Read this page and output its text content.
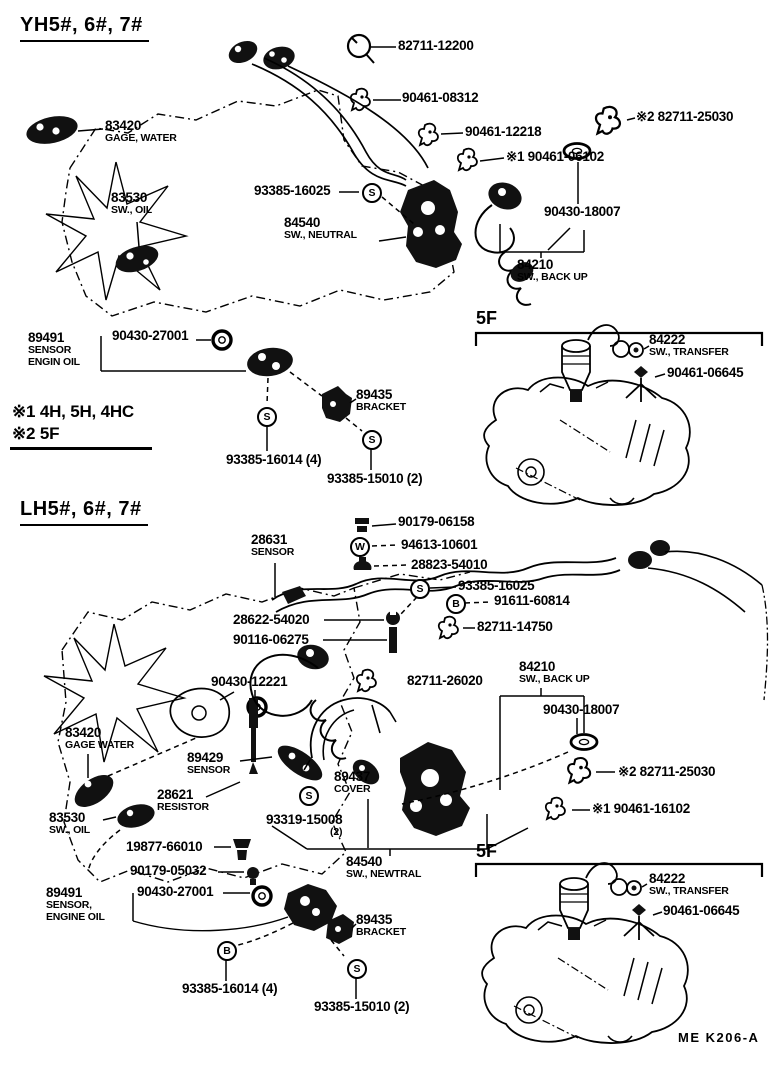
YH5#, 6#, 7#
82711-12200
90461-08312
90461-12218
※2 82711-25030
※1 90461-06102
83420
GAGE, WATER
83530
SW., OIL
93385-16025
84540
SW., NEUTRAL
90430-18007
84210
SW., BACK UP
5F
84222
SW., TRANSFER
90461-06645
89491
SENSOR
ENGIN OIL
90430-27001
89435
BRACKET
93385-16014 (4)
93385-15010 (2)
※1 4H, 5H, 4HC
※2 5F
S
S
S
LH5#, 6#, 7#
90179-06158
94613-10601
28823-54010
93385-16025
91611-60814
28631
SENSOR
28622-54020
90116-06275
82711-14750
90430-12221	82711-26020
84210
SW., BACK UP
90430-18007
83420
GAGE WATER
89429
SENSOR
28621
RESISTOR
83530
SW., OIL
93319-15008
(2)
19877-66010
90179-05032
90430-27001
89491
SENSOR,
ENGINE OIL
89437
COVER
84540
SW., NEWTRAL
※2 82711-25030
※1 90461-16102
5F
84222
SW., TRANSFER
90461-06645
89435
BRACKET
93385-16014 (4)
93385-15010 (2)
W
S
B
S
B
S
ME K206-A
